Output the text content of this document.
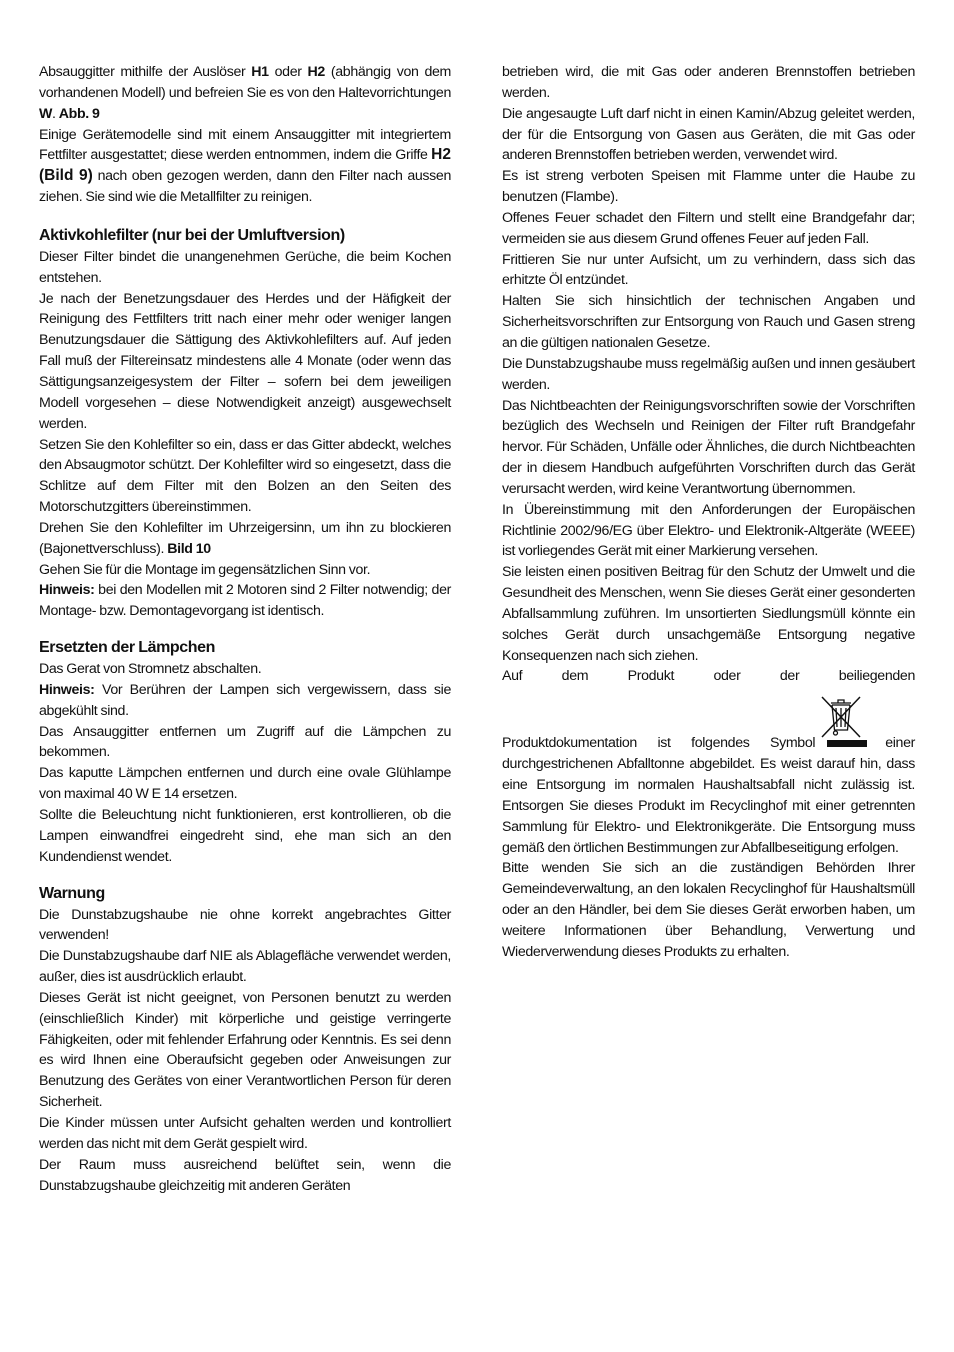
Absauggitter mithilfe der Auslöser H1 oder H2 (abhängig von dem vorhandenen Modell) und befreien Sie es von den Haltevorrichtungen W. Abb. 9

Einige Gerätemodelle sind mit einem Ansauggitter mit integriertem Fettfilter ausgestattet; diese werden entnommen, indem die Griffe H2 (Bild 9) nach oben gezogen werden, dann den Filter nach aussen ziehen. Sie sind wie die Metallfilter zu reinigen.

Aktivkohlefilter (nur bei der Umluftversion)

Dieser Filter bindet die unangenehmen Gerüche, die beim Kochen entstehen.

Je nach der Benetzungsdauer des Herdes und der Häfigkeit der Reinigung des Fettfilters tritt nach einer mehr oder weniger langen Benutzungsdauer die Sättigung des Aktivkohlefilters auf. Auf jeden Fall muß der Filtereinsatz mindestens alle 4 Monate (oder wenn das Sättigungsanzeigesystem der Filter – sofern bei dem jeweiligen Modell vorgesehen – diese Notwendigkeit anzeigt) ausgewechselt werden.

Setzen Sie den Kohlefilter so ein, dass er das Gitter abdeckt, welches den Absaugmotor schützt. Der Kohlefilter wird so eingesetzt, dass die Schlitze auf dem Filter mit den Bolzen an den Seiten des Motorschutzgitters übereinstimmen.

Drehen Sie den Kohlefilter im Uhrzeigersinn, um ihn zu blockieren (Bajonettverschluss). Bild 10

Gehen Sie für die Montage im gegensätzlichen Sinn vor.

Hinweis: bei den Modellen mit 2 Motoren sind 2 Filter notwendig; der Montage- bzw. Demontagevorgang ist identisch.

Ersetzten der Lämpchen

Das Gerat von Stromnetz abschalten.

Hinweis: Vor Berühren der Lampen sich vergewissern, dass sie abgekühlt sind.

Das Ansauggitter entfernen um Zugriff auf die Lämpchen zu bekommen.

Das kaputte Lämpchen entfernen und durch eine ovale Glühlampe von maximal 40 W E 14 ersetzen.

Sollte die Beleuchtung nicht funktionieren, erst kontrollieren, ob die Lampen einwandfrei eingedreht sind, ehe man sich an den Kundendienst wendet.

Warnung

Die Dunstabzugshaube nie ohne korrekt angebrachtes Gitter verwenden!

Die Dunstabzugshaube darf NIE als Ablagefläche verwendet werden, außer, dies ist ausdrücklich erlaubt.

Dieses Gerät ist nicht geeignet, von Personen benutzt zu werden (einschließlich Kinder) mit körperliche und geistige verringerte Fähigkeiten, oder mit fehlender Erfahrung oder Kenntnis. Es sei denn es wird Ihnen eine Oberaufsicht gegeben oder Anweisungen zur Benutzung des Gerätes von einer Verantwortlichen Person für deren Sicherheit.

Die Kinder müssen unter Aufsicht gehalten werden und kontrolliert werden das nicht mit dem Gerät gespielt wird.

Der Raum muss ausreichend belüftet sein, wenn die Dunstabzugshaube gleichzeitig mit anderen Geräten

betrieben wird, die mit Gas oder anderen Brennstoffen betrieben werden.

Die angesaugte Luft darf nicht in einen Kamin/Abzug geleitet werden, der für die Entsorgung von Gasen aus Geräten, die mit Gas oder anderen Brennstoffen betrieben werden, verwendet wird.

Es ist streng verboten Speisen mit Flamme unter die Haube zu benutzen (Flambe).

Offenes Feuer schadet den Filtern und stellt eine Brandgefahr dar; vermeiden sie aus diesem Grund offenes Feuer auf jeden Fall.

Frittieren Sie nur unter Aufsicht, um zu verhindern, dass sich das erhitzte Öl entzündet.

Halten Sie sich hinsichtlich der technischen Angaben und Sicherheitsvorschriften zur Entsorgung von Rauch und Gasen streng an die gültigen nationalen Gesetze.

Die Dunstabzugshaube muss regelmäßig außen und innen gesäubert werden.

Das Nichtbeachten der Reinigungsvorschriften sowie der Vorschriften bezüglich des Wechseln und Reinigen der Filter ruft Brandgefahr hervor. Für Schäden, Unfälle oder Ähnliches, die durch Nichtbeachten der in diesem Handbuch aufgeführten Vorschriften durch das Gerät verursacht werden, wird keine Verantwortung übernommen.

In Übereinstimmung mit den Anforderungen der Europäischen Richtlinie 2002/96/EG über Elektro- und Elektronik-Altgeräte (WEEE) ist vorliegendes Gerät mit einer Markierung versehen.

Sie leisten einen positiven Beitrag für den Schutz der Umwelt und die Gesundheit des Menschen, wenn Sie dieses Gerät einer gesonderten Abfallsammlung zuführen. Im unsortierten Siedlungsmüll könnte ein solches Gerät durch unsachgemäße Entsorgung negative Konsequenzen nach sich ziehen.

Auf dem Produkt oder der beiliegenden

Produktdokumentation ist folgendes Symbol	einer durchgestrichenen Abfalltonne abgebildet. Es weist darauf hin, dass eine Entsorgung im normalen Haushaltsabfall nicht zulässig ist. Entsorgen Sie dieses Produkt im Recyclinghof mit einer getrennten Sammlung für Elektro- und Elektronikgeräte. Die Entsorgung muss gemäß den örtlichen Bestimmungen zur Abfallbeseitigung erfolgen.

Bitte wenden Sie sich an die zuständigen Behörden Ihrer Gemeindeverwaltung, an den lokalen Recyclinghof für Haushaltsmüll oder an den Händler, bei dem Sie dieses Gerät erworben haben, um weitere Informationen über Behandlung, Verwertung und Wiederverwendung dieses Produkts zu erhalten.
